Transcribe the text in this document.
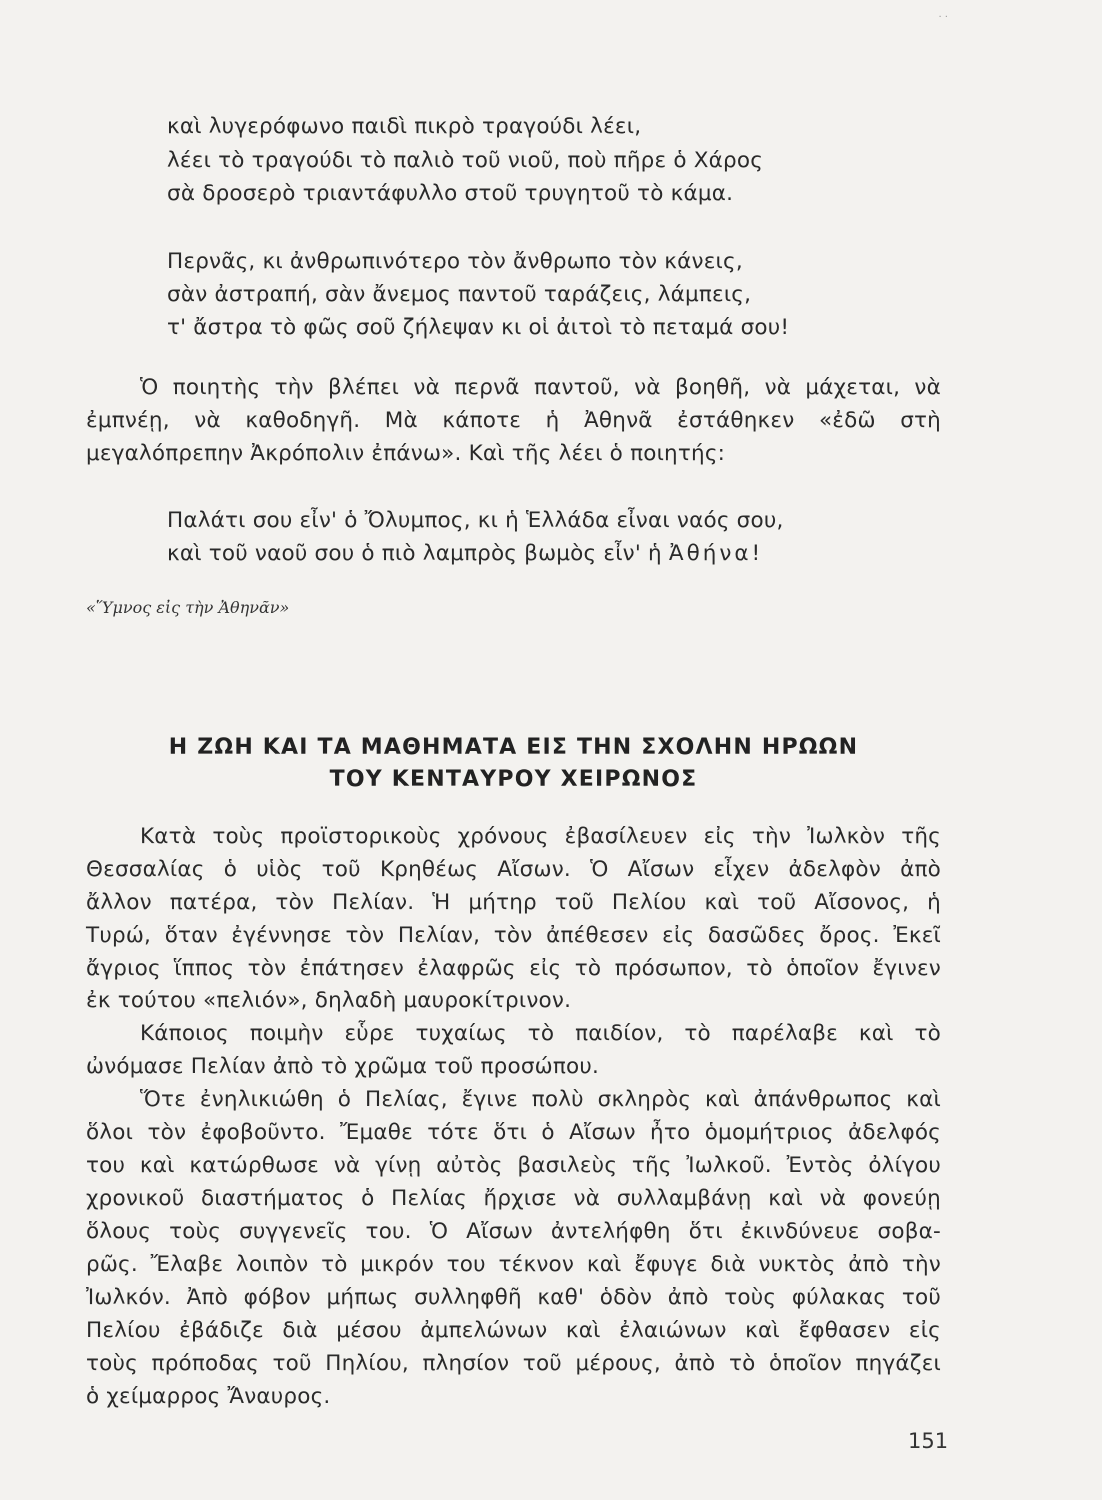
· ·
καὶ λυγερόφωνο παιδὶ πικρὸ τραγούδι λέει,
λέει τὸ τραγούδι τὸ παλιὸ τοῦ νιοῦ, ποὺ πῆρε ὁ Χάρος
σὰ δροσερὸ τριαντάφυλλο στοῦ τρυγητοῦ τὸ κάμα.
Περνᾶς, κι ἀνθρωπινότερο τὸν ἄνθρωπο τὸν κάνεις,
σὰν ἀστραπή, σὰν ἄνεμος παντοῦ ταράζεις, λάμπεις,
τ' ἄστρα τὸ φῶς σοῦ ζήλεψαν κι οἱ ἀιτοὶ τὸ πεταμά σου!
Ὁ ποιητὴς τὴν βλέπει νὰ περνᾶ παντοῦ, νὰ βοηθῆ, νὰ μάχεται, νὰ
ἐμπνέῃ, νὰ καθοδηγῆ. Μὰ κάποτε ἡ Ἀθηνᾶ ἐστάθηκεν «ἐδῶ στὴ
μεγαλόπρεπην Ἀκρόπολιν ἐπάνω». Καὶ τῆς λέει ὁ ποιητής:
Παλάτι σου εἶν' ὁ Ὄλυμπος, κι ἡ Ἑλλάδα εἶναι ναός σου,
καὶ τοῦ ναοῦ σου ὁ πιὸ λαμπρὸς βωμὸς εἶν' ἡ Ἀθήνα!
«Ὕμνος εἰς τὴν Ἀθηνᾶν»
Η ΖΩΗ ΚΑΙ ΤΑ ΜΑΘΗΜΑΤΑ ΕΙΣ ΤΗΝ ΣΧΟΛΗΝ ΗΡΩΩΝ
ΤΟΥ ΚΕΝΤΑΥΡΟΥ ΧΕΙΡΩΝΟΣ
Κατὰ τοὺς προϊστορικοὺς χρόνους ἐβασίλευεν εἰς τὴν Ἰωλκὸν τῆς
Θεσσαλίας ὁ υἱὸς τοῦ Κρηθέως Αἴσων. Ὁ Αἴσων εἶχεν ἀδελφὸν ἀπὸ
ἄλλον πατέρα, τὸν Πελίαν. Ἡ μήτηρ τοῦ Πελίου καὶ τοῦ Αἴσονος, ἡ
Τυρώ, ὅταν ἐγέννησε τὸν Πελίαν, τὸν ἀπέθεσεν εἰς δασῶδες ὄρος. Ἐκεῖ
ἄγριος ἵππος τὸν ἐπάτησεν ἐλαφρῶς εἰς τὸ πρόσωπον, τὸ ὁποῖον ἔγινεν
ἐκ τούτου «πελιόν», δηλαδὴ μαυροκίτρινον.
Κάποιος ποιμὴν εὗρε τυχαίως τὸ παιδίον, τὸ παρέλαβε καὶ τὸ
ὠνόμασε Πελίαν ἀπὸ τὸ χρῶμα τοῦ προσώπου.
Ὅτε ἐνηλικιώθη ὁ Πελίας, ἔγινε πολὺ σκληρὸς καὶ ἀπάνθρωπος καὶ
ὅλοι τὸν ἐφοβοῦντο. Ἔμαθε τότε ὅτι ὁ Αἴσων ἦτο ὁμομήτριος ἀδελφός
του καὶ κατώρθωσε νὰ γίνῃ αὐτὸς βασιλεὺς τῆς Ἰωλκοῦ. Ἐντὸς ὀλίγου
χρονικοῦ διαστήματος ὁ Πελίας ἤρχισε νὰ συλλαμβάνῃ καὶ νὰ φονεύῃ
ὅλους τοὺς συγγενεῖς του. Ὁ Αἴσων ἀντελήφθη ὅτι ἐκινδύνευε σοβα-
ρῶς. Ἔλαβε λοιπὸν τὸ μικρόν του τέκνον καὶ ἔφυγε διὰ νυκτὸς ἀπὸ τὴν
Ἰωλκόν. Ἀπὸ φόβον μήπως συλληφθῆ καθ' ὁδὸν ἀπὸ τοὺς φύλακας τοῦ
Πελίου ἐβάδιζε διὰ μέσου ἀμπελώνων καὶ ἐλαιώνων καὶ ἔφθασεν εἰς
τοὺς πρόποδας τοῦ Πηλίου, πλησίον τοῦ μέρους, ἀπὸ τὸ ὁποῖον πηγάζει
ὁ χείμαρρος Ἄναυρος.
151
